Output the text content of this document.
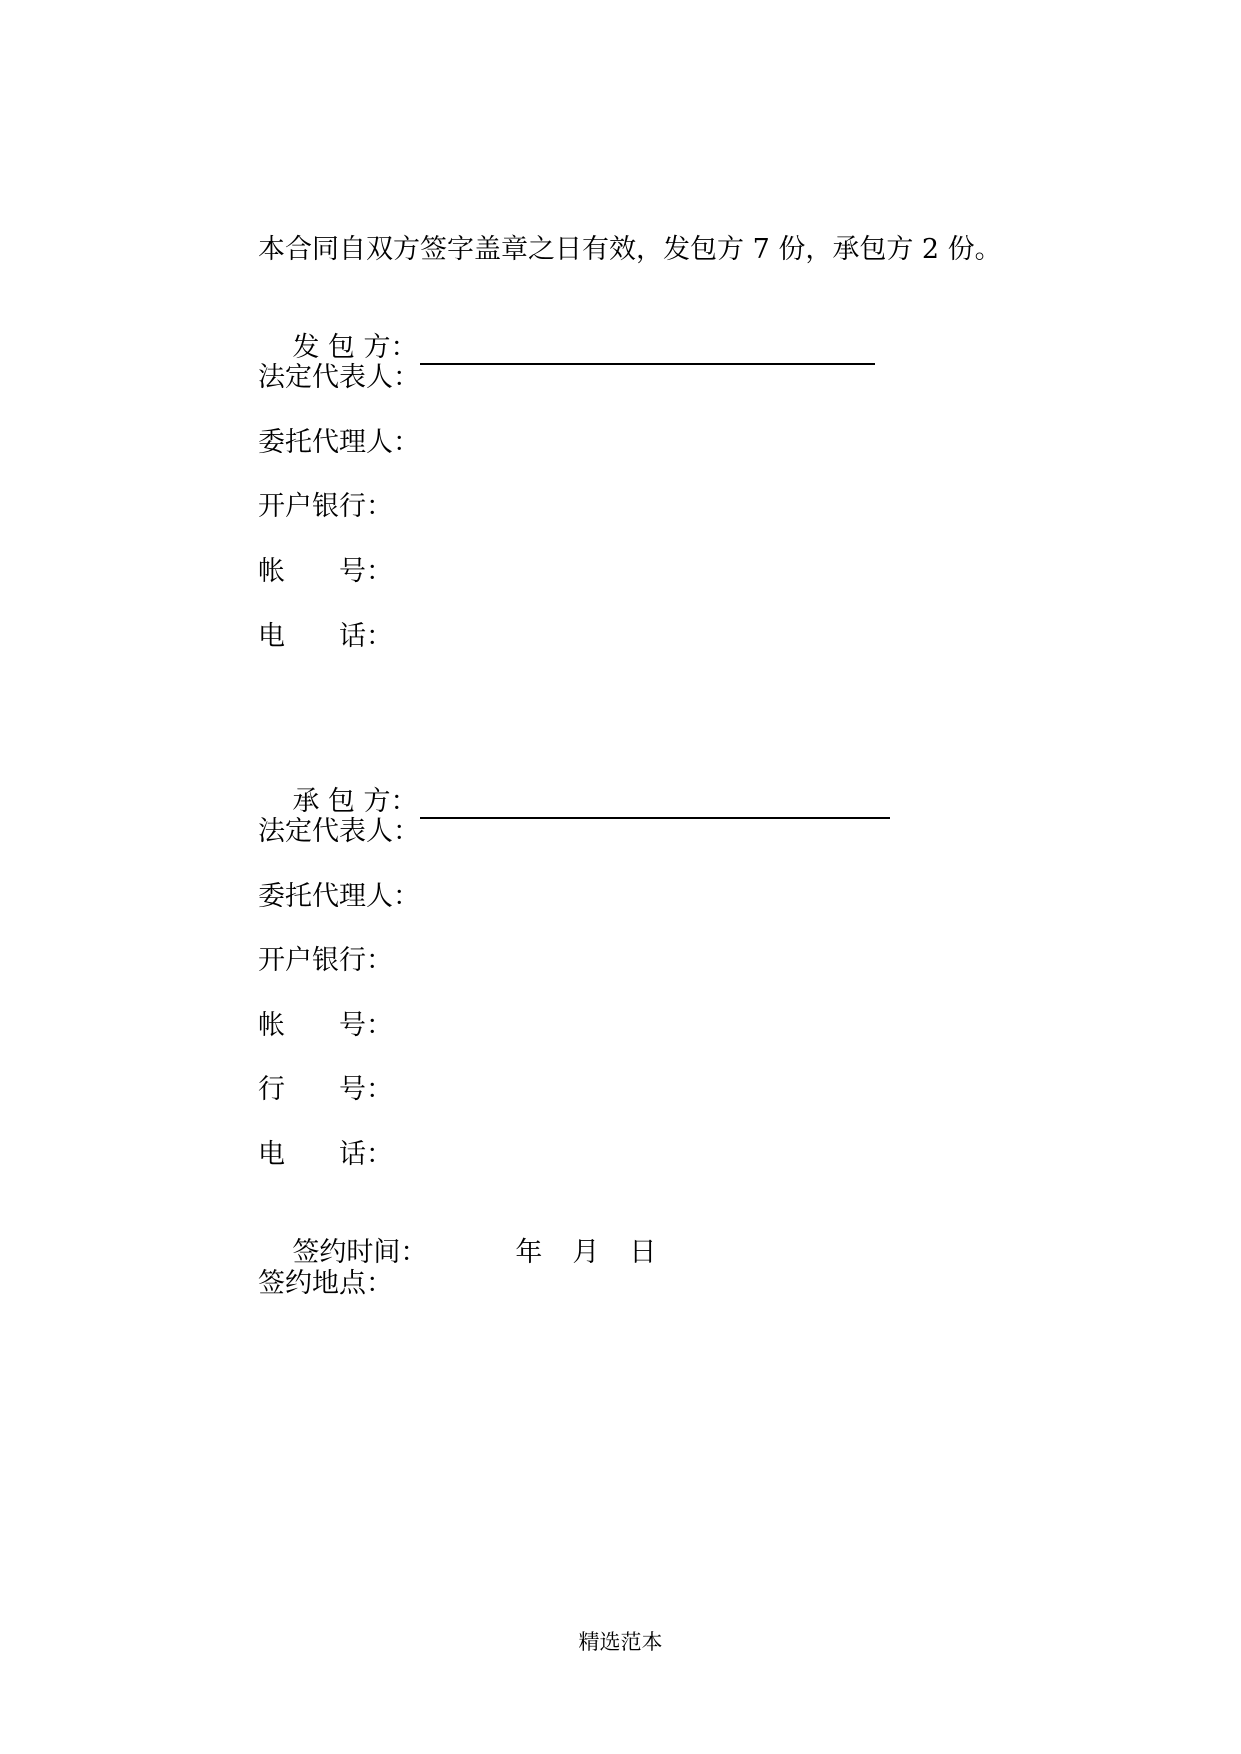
本合同自双方签字盖章之日有效，发包方 7 份，承包方 2 份。

发 包 方：

法定代表人：
委托代理人：
开户银行：
帐　　号：
电　　话：

承 包 方：

法定代表人：
委托代理人：
开户银行：
帐　　号：
行　　号：
电　　话：

签约时间：	年 月 日

签约地点：
精选范本
